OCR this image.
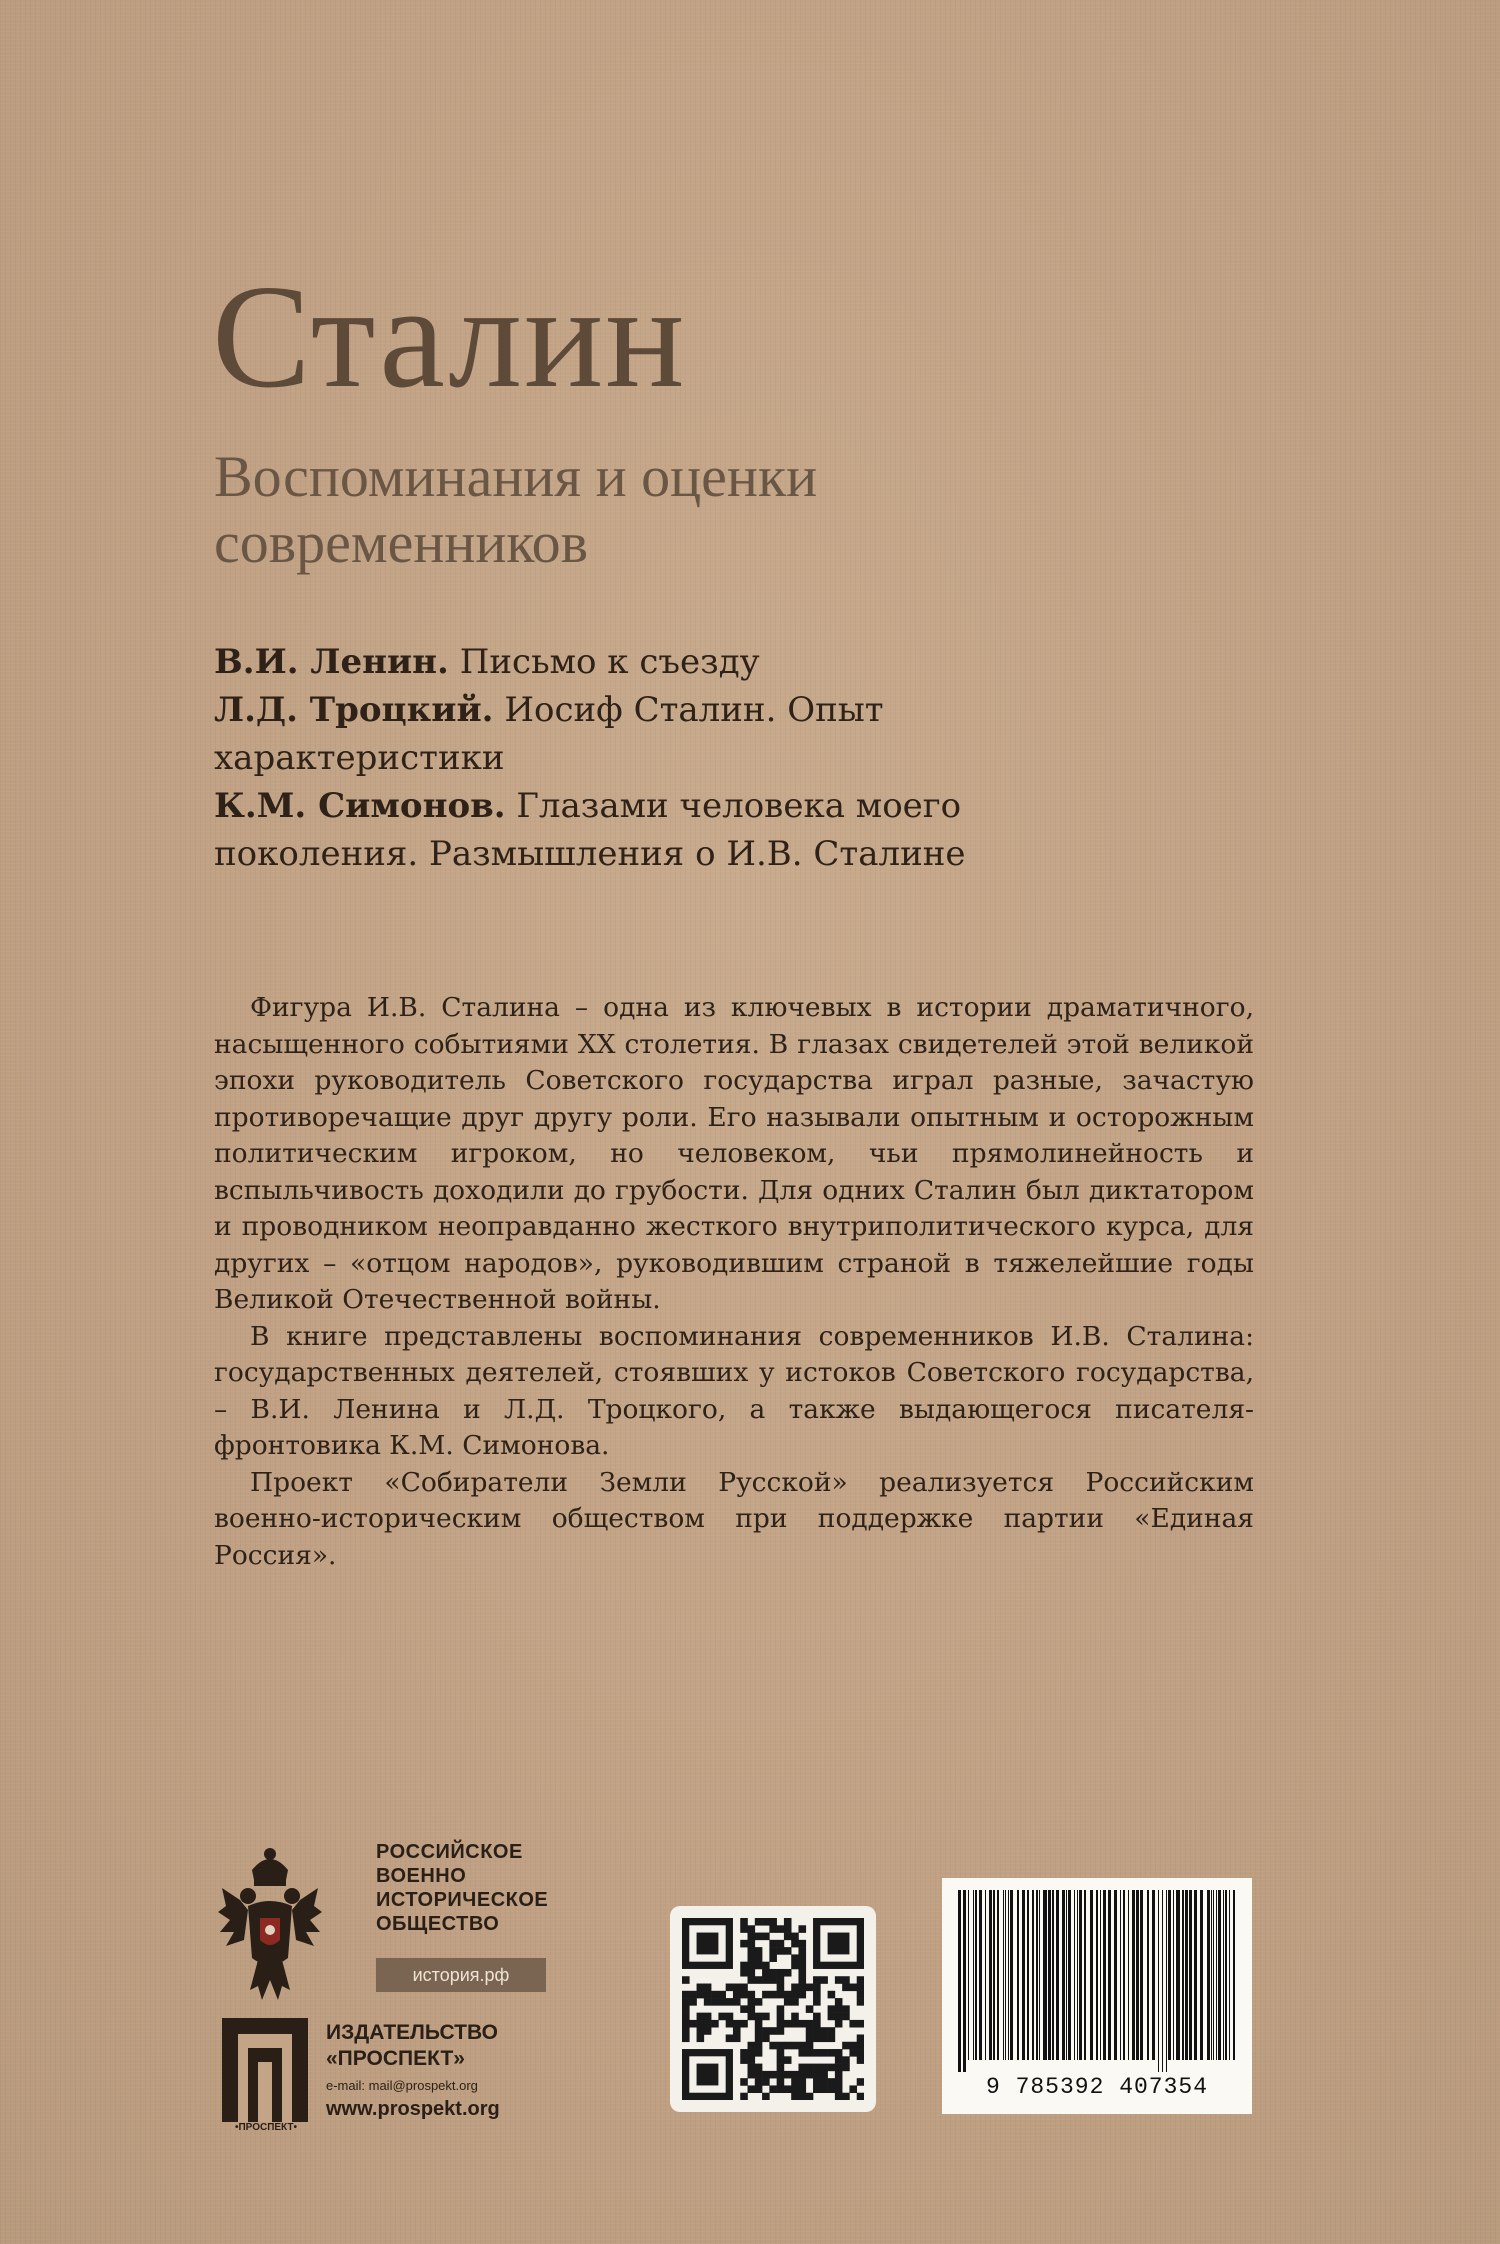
Сталин
Воспоминания и оценки современников
В.И. Ленин. Письмо к съезду
Л.Д. Троцкий. Иосиф Сталин. Опыт характеристики
К.М. Симонов. Глазами человека моего поколения. Размышления о И.В. Сталине

Фигура И.В. Сталина – одна из ключевых в истории драматичного, насыщенного событиями XX столетия. В глазах свидетелей этой великой эпохи руководитель Советского государства играл разные, зачастую противоречащие друг другу роли. Его называли опытным и осторожным политическим игроком, но человеком, чьи прямолинейность и вспыльчивость доходили до грубости. Для одних Сталин был диктатором и проводником неоправданно жесткого внутриполитического курса, для других – «отцом народов», руководившим страной в тяжелейшие годы Великой Отечественной войны.

В книге представлены воспоминания современников И.В. Сталина: государственных деятелей, стоявших у истоков Советского государства, – В.И. Ленина и Л.Д. Троцкого, а также выдающегося писателя-фронтовика К.М. Симонова.

Проект «Собиратели Земли Русской» реализуется Российским военно-историческим обществом при поддержке партии «Единая Россия».

РОССИЙСКОЕ
ВОЕННО
ИСТОРИЧЕСКОЕ
ОБЩЕСТВО
история.рф
•ПРОСПЕКТ•
ИЗДАТЕЛЬСТВО
«ПРОСПЕКТ»
e-mail: mail@prospekt.org
www.prospekt.org
9 785392 407354
